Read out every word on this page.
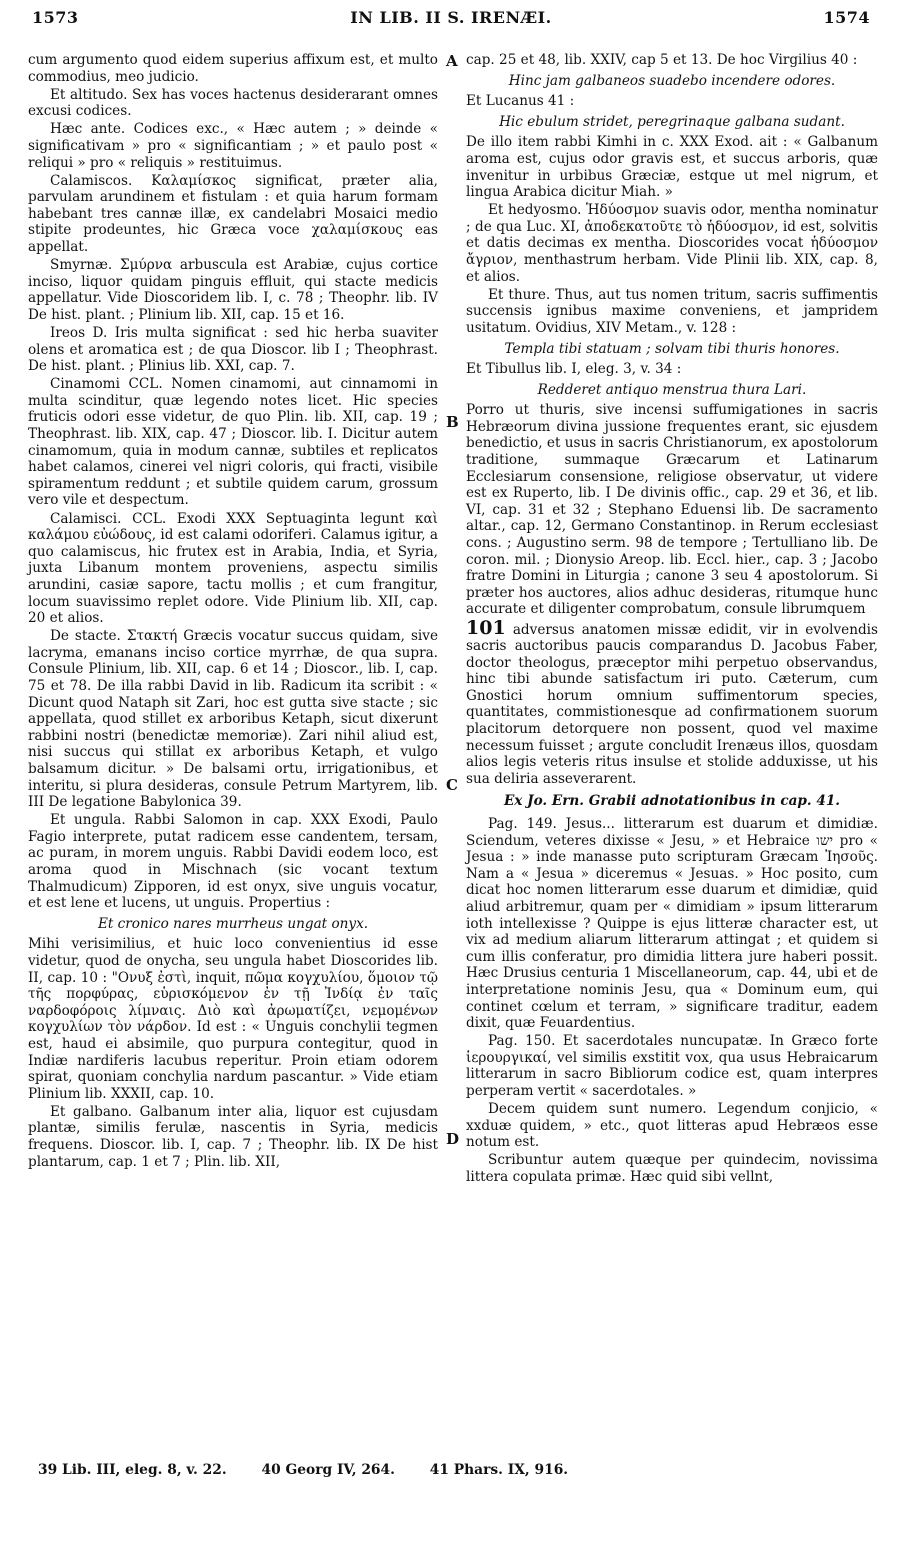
1573	IN LIB. II S. IRENÆI.	1574

cum argumento quod eidem superius affixum est, et multo commodius, meo judicio.

Et altitudo. Sex has voces hactenus desiderarant omnes excusi codices.

Hæc ante. Codices exc., « Hæc autem ; » deinde « significativam » pro « significantiam ; » et paulo post « reliqui » pro « reliquis » restituimus.

Calamiscos. Καλαμίσκος significat, præter alia, parvulam arundinem et fistulam : et quia harum formam habebant tres cannæ illæ, ex candelabri Mosaici medio stipite prodeuntes, hic Græca voce χαλαμίσκους eas appellat.

Smyrnæ. Σμύρνα arbuscula est Arabiæ, cujus cortice inciso, liquor quidam pinguis effluit, qui stacte medicis appellatur. Vide Dioscoridem lib. I, c. 78 ; Theophr. lib. IV De hist. plant. ; Plinium lib. XII, cap. 15 et 16.

Ireos D. Iris multa significat : sed hic herba suaviter olens et aromatica est ; de qua Dioscor. lib I ; Theophrast. De hist. plant. ; Plinius lib. XXI, cap. 7.

Cinamomi CCL. Nomen cinamomi, aut cinnamomi in multa scinditur, quæ legendo notes licet. Hic species fruticis odori esse videtur, de quo Plin. lib. XII, cap. 19 ; Theophrast. lib. XIX, cap. 47 ; Dioscor. lib. I. Dicitur autem cinamomum, quia in modum cannæ, subtiles et replicatos habet calamos, cinerei vel nigri coloris, qui fracti, visibile spiramentum reddunt ; et subtile quidem carum, grossum vero vile et despectum.

Calamisci. CCL. Exodi XXX Septuaginta legunt καὶ καλάμου εὐώδους, id est calami odoriferi. Calamus igitur, a quo calamiscus, hic frutex est in Arabia, India, et Syria, juxta Libanum montem proveniens, aspectu similis arundini, casiæ sapore, tactu mollis ; et cum frangitur, locum suavissimo replet odore. Vide Plinium lib. XII, cap. 20 et alios.

De stacte. Στακτή Græcis vocatur succus quidam, sive lacryma, emanans inciso cortice myrrhæ, de qua supra. Consule Plinium, lib. XII, cap. 6 et 14 ; Dioscor., lib. I, cap. 75 et 78. De illa rabbi David in lib. Radicum ita scribit : « Dicunt quod Nataph sit Zari, hoc est gutta sive stacte ; sic appellata, quod stillet ex arboribus Ketaph, sicut dixerunt rabbini nostri (benedictæ memoriæ). Zari nihil aliud est, nisi succus qui stillat ex arboribus Ketaph, et vulgo balsamum dicitur. » De balsami ortu, irrigationibus, et interitu, si plura desideras, consule Petrum Martyrem, lib. III De legatione Babylonica 39.

Et ungula. Rabbi Salomon in cap. XXX Exodi, Paulo Fagio interprete, putat radicem esse candentem, tersam, ac puram, in morem unguis. Rabbi Davidi eodem loco, est aroma quod in Mischnach (sic vocant textum Thalmudicum) Zipporen, id est onyx, sive unguis vocatur, et est lene et lucens, ut unguis. Propertius :

Et cronico nares murrheus ungat onyx.

Mihi verisimilius, et huic loco convenientius id esse videtur, quod de onycha, seu ungula habet Dioscorides lib. II, cap. 10 : "Ονυξ ἐστὶ, inquit, πῶμα κογχυλίου, ὅμοιον τῷ τῆς πορφύρας, εὑρισκόμενον ἐν τῇ Ἰνδίᾳ ἐν ταῖς ναρδοφόροις λίμναις. Διὸ καὶ ἀρωματίζει, νεμομένων κογχυλίων τὸν νάρδον. Id est : « Unguis conchylii tegmen est, haud ei absimile, quo purpura contegitur, quod in Indiæ nardiferis lacubus reperitur. Proin etiam odorem spirat, quoniam conchylia nardum pascantur. » Vide etiam Plinium lib. XXXII, cap. 10.

Et galbano. Galbanum inter alia, liquor est cujusdam plantæ, similis ferulæ, nascentis in Syria, medicis frequens. Dioscor. lib. I, cap. 7 ; Theophr. lib. IX De hist plantarum, cap. 1 et 7 ; Plin. lib. XII,

A
B
C
D

cap. 25 et 48, lib. XXIV, cap 5 et 13. De hoc Virgilius 40 :

Hinc jam galbaneos suadebo incendere odores.

Et Lucanus 41 :

Hic ebulum stridet, peregrinaque galbana sudant.

De illo item rabbi Kimhi in c. XXX Exod. ait : « Galbanum aroma est, cujus odor gravis est, et succus arboris, quæ invenitur in urbibus Græciæ, estque ut mel nigrum, et lingua Arabica dicitur Miah. »

Et hedyosmo. Ἡδύοσμον suavis odor, mentha nominatur ; de qua Luc. XI, ἀποδεκατοῦτε τὸ ἡδύοσμον, id est, solvitis et datis decimas ex mentha. Dioscorides vocat ἡδύοσμον ἄγριον, menthastrum herbam. Vide Plinii lib. XIX, cap. 8, et alios.

Et thure. Thus, aut tus nomen tritum, sacris suffimentis succensis ignibus maxime conveniens, et jampridem usitatum. Ovidius, XIV Metam., v. 128 :

Templa tibi statuam ; solvam tibi thuris honores.

Et Tibullus lib. I, eleg. 3, v. 34 :

Redderet antiquo menstrua thura Lari.

Porro ut thuris, sive incensi suffumigationes in sacris Hebræorum divina jussione frequentes erant, sic ejusdem benedictio, et usus in sacris Christianorum, ex apostolorum traditione, summaque Græcarum et Latinarum Ecclesiarum consensione, religiose observatur, ut videre est ex Ruperto, lib. I De divinis offic., cap. 29 et 36, et lib. VI, cap. 31 et 32 ; Stephano Eduensi lib. De sacramento altar., cap. 12, Germano Constantinop. in Rerum ecclesiast cons. ; Augustino serm. 98 de tempore ; Tertulliano lib. De coron. mil. ; Dionysio Areop. lib. Eccl. hier., cap. 3 ; Jacobo fratre Domini in Liturgia ; canone 3 seu 4 apostolorum. Si præter hos auctores, alios adhuc desideras, ritumque hunc accurate et diligenter comprobatum, consule librumquem

101 adversus anatomen missæ edidit, vir in evolvendis sacris auctoribus paucis comparandus D. Jacobus Faber, doctor theologus, præceptor mihi perpetuo observandus, hinc tibi abunde satisfactum iri puto. Cæterum, cum Gnostici horum omnium suffimentorum species, quantitates, commistionesque ad confirmationem suorum placitorum detorquere non possent, quod vel maxime necessum fuisset ; argute concludit Irenæus illos, quosdam alios legis veteris ritus insulse et stolide adduxisse, ut his sua deliria asseverarent.

Ex Jo. Ern. Grabii adnotationibus in cap. 41.

Pag. 149. Jesus... litterarum est duarum et dimidiæ. Sciendum, veteres dixisse « Jesu, » et Hebraice ישו pro « Jesua : » inde manasse puto scripturam Græcam Ἰησοῦς. Nam a « Jesua » diceremus « Jesuas. » Hoc posito, cum dicat hoc nomen litterarum esse duarum et dimidiæ, quid aliud arbitremur, quam per « dimidiam » ipsum litterarum ioth intellexisse ? Quippe is ejus litteræ character est, ut vix ad medium aliarum litterarum attingat ; et quidem si cum illis conferatur, pro dimidia littera jure haberi possit. Hæc Drusius centuria 1 Miscellaneorum, cap. 44, ubi et de interpretatione nominis Jesu, qua « Dominum eum, qui continet cœlum et terram, » significare traditur, eadem dixit, quæ Feuardentius.

Pag. 150. Et sacerdotales nuncupatæ. In Græco forte ἱερουργικαί, vel similis exstitit vox, qua usus Hebraicarum litterarum in sacro Bibliorum codice est, quam interpres perperam vertit « sacerdotales. »

Decem quidem sunt numero. Legendum conjicio, « xxduæ quidem, » etc., quot litteras apud Hebræos esse notum est.

Scribuntur autem quæque per quindecim, novissima littera copulata primæ. Hæc quid sibi vellnt,

39 Lib. III, eleg. 8, v. 22.	40 Georg IV, 264.	41 Phars. IX, 916.
